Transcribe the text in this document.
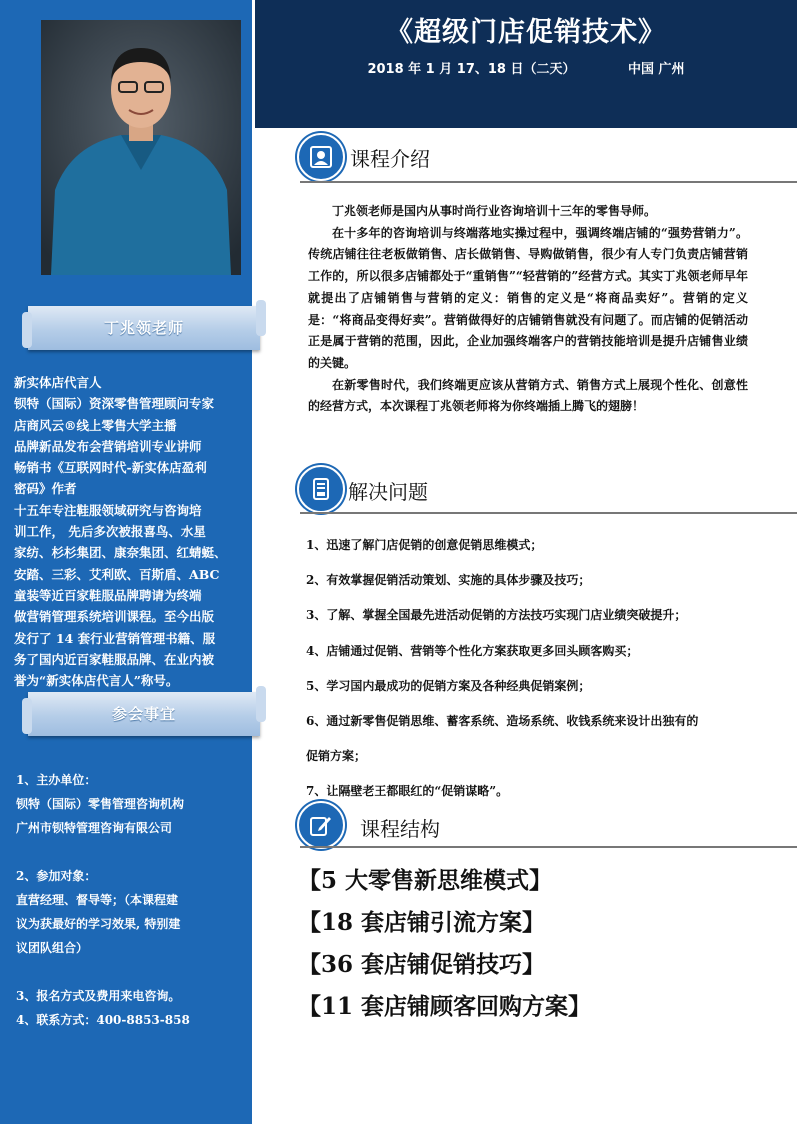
丁兆领老师
新实体店代言人
钡特（国际）资深零售管理顾问专家
店商风云®线上零售大学主播
品牌新品发布会营销培训专业讲师
畅销书《互联网时代-新实体店盈利
密码》作者
十五年专注鞋服领域研究与咨询培
训工作， 先后多次被报喜鸟、水星
家纺、杉杉集团、康奈集团、红蜻蜓、
安踏、三彩、艾利欧、百斯盾、ABC
童装等近百家鞋服品牌聘请为终端
做营销管理系统培训课程。至今出版
发行了 14 套行业营销管理书籍、服
务了国内近百家鞋服品牌、在业内被
誉为“新实体店代言人”称号。
参会事宜
1、主办单位：
钡特（国际）零售管理咨询机构
广州市钡特管理咨询有限公司

2、参加对象：
直营经理、督导等；（本课程建
议为获最好的学习效果, 特别建
议团队组合）

3、报名方式及费用来电咨询。
4、联系方式：400-8853-858
《超级门店促销技术》
2018 年 1 月 17、18 日（二天）	中国 广州
课程介绍

丁兆领老师是国内从事时尚行业咨询培训十三年的零售导师。

在十多年的咨询培训与终端落地实操过程中，强调终端店铺的“强势营销力”。传统店铺往往老板做销售、店长做销售、导购做销售，很少有人专门负责店铺营销工作的，所以很多店铺都处于“重销售”“轻营销的”经营方式。其实丁兆领老师早年就提出了店铺销售与营销的定义：销售的定义是“将商品卖好”。营销的定义是：“将商品变得好卖”。营销做得好的店铺销售就没有问题了。而店铺的促销活动正是属于营销的范围，因此，企业加强终端客户的营销技能培训是提升店铺售业绩的关键。

在新零售时代，我们终端更应该从营销方式、销售方式上展现个性化、创意性的经营方式，本次课程丁兆领老师将为你终端插上腾飞的翅膀！

解决问题
1、迅速了解门店促销的创意促销思维模式；
2、有效掌握促销活动策划、实施的具体步骤及技巧；
3、了解、掌握全国最先进活动促销的方法技巧实现门店业绩突破提升；
4、店铺通过促销、营销等个性化方案获取更多回头顾客购买；
5、学习国内最成功的促销方案及各种经典促销案例；
6、通过新零售促销思维、蓄客系统、造场系统、收钱系统来设计出独有的
促销方案；
7、让隔壁老王都眼红的“促销谋略”。
课程结构
【5 大零售新思维模式】
【18 套店铺引流方案】
【36 套店铺促销技巧】
【11 套店铺顾客回购方案】
